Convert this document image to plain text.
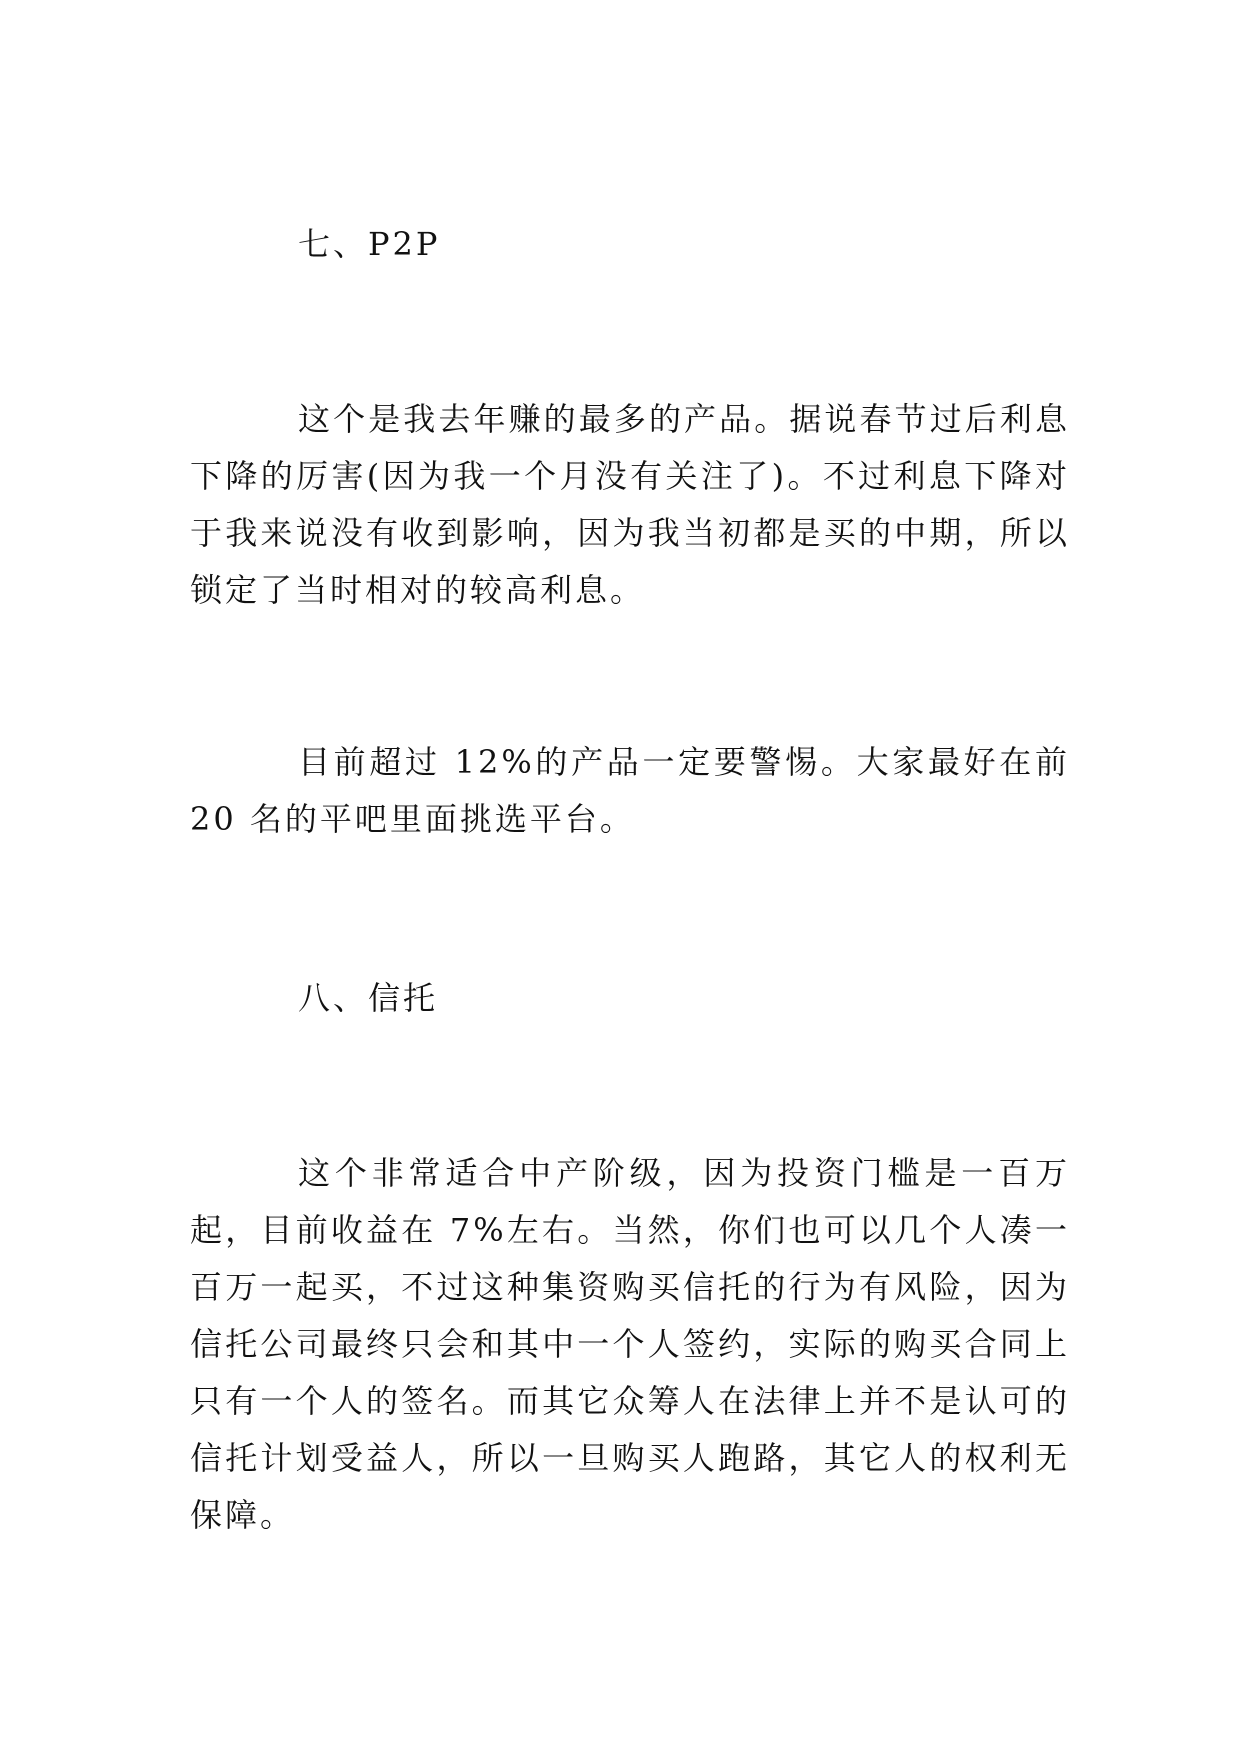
七、P2P

这个是我去年赚的最多的产品。据说春节过后利息下降的厉害(因为我一个月没有关注了)。不过利息下降对于我来说没有收到影响，因为我当初都是买的中期，所以锁定了当时相对的较高利息。

目前超过 12%的产品一定要警惕。大家最好在前 20 名的平吧里面挑选平台。

八、信托

这个非常适合中产阶级，因为投资门槛是一百万起，目前收益在 7%左右。当然，你们也可以几个人凑一百万一起买，不过这种集资购买信托的行为有风险，因为信托公司最终只会和其中一个人签约，实际的购买合同上只有一个人的签名。而其它众筹人在法律上并不是认可的信托计划受益人，所以一旦购买人跑路，其它人的权利无保障。
